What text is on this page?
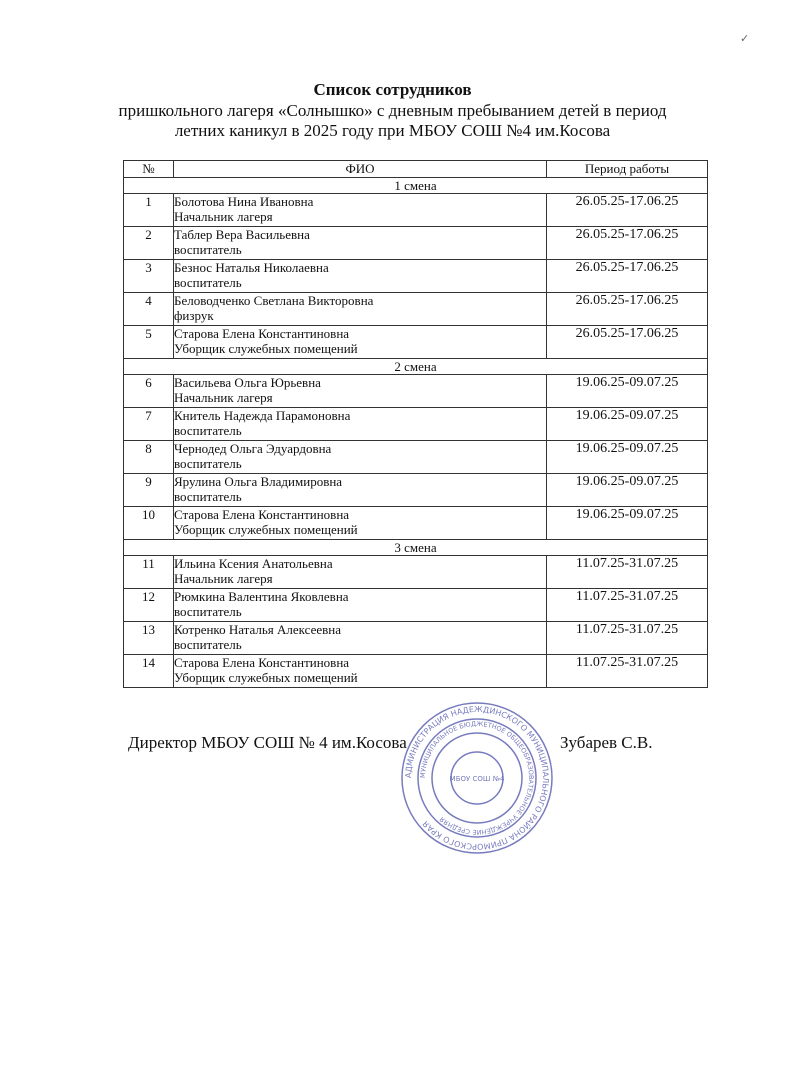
✓
Список сотрудников
пришкольного лагеря «Солнышко» с дневным пребыванием детей в период
летних каникул в 2025 году при МБОУ СОШ №4 им.Косова
№	ФИО	Период работы
1 смена		
1	Болотова Нина Ивановна
Начальник лагеря	26.05.25-17.06.25
2	Таблер Вера Васильевна
воспитатель	26.05.25-17.06.25
3	Безнос Наталья Николаевна
воспитатель	26.05.25-17.06.25
4	Беловодченко Светлана Викторовна
физрук	26.05.25-17.06.25
5	Старова Елена Константиновна
Уборщик служебных помещений	26.05.25-17.06.25
2 смена		
6	Васильева Ольга Юрьевна
Начальник лагеря	19.06.25-09.07.25
7	Книтель Надежда Парамоновна
воспитатель	19.06.25-09.07.25
8	Чернодед Ольга Эдуардовна
воспитатель	19.06.25-09.07.25
9	Ярулина Ольга Владимировна
воспитатель	19.06.25-09.07.25
10	Старова Елена Константиновна
Уборщик служебных помещений	19.06.25-09.07.25
3 смена		
11	Ильина Ксения Анатольевна
Начальник лагеря	11.07.25-31.07.25
12	Рюмкина Валентина Яковлевна
воспитатель	11.07.25-31.07.25
13	Котренко Наталья Алексеевна
воспитатель	11.07.25-31.07.25
14	Старова Елена Константиновна
Уборщик служебных помещений	11.07.25-31.07.25
Директор МБОУ СОШ № 4 им.Косова	Зубарев С.В.
АДМИНИСТРАЦИЯ НАДЕЖДИНСКОГО МУНИЦИПАЛЬНОГО РАЙОНА ПРИМОРСКОГО КРАЯ
МУНИЦИПАЛЬНОЕ БЮДЖЕТНОЕ ОБЩЕОБРАЗОВАТЕЛЬНОЕ УЧРЕЖДЕНИЕ СРЕДНЯЯ
МБОУ СОШ №4
